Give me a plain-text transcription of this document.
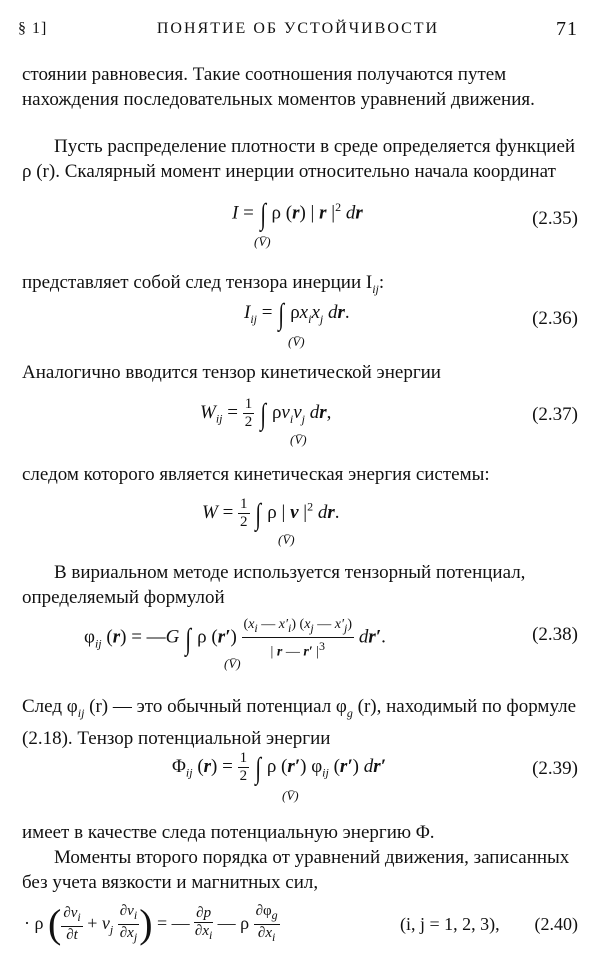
§ 1]	ПОНЯТИЕ ОБ УСТОЙЧИВОСТИ	71

стоянии равновесия. Такие соотношения получаются путем нахождения последовательных моментов уравнений движения.

Пусть распределение плотности в среде определяется функцией ρ (r). Скалярный момент инерции относительно начала координат

I = ∫ ρ (r) | r $|^2$ dr
(V̄)
(2.35)

представляет собой след тензора инерции $I_{ij}$:

$I_{ij}$ = ∫ $\rho x_ix_j$ dr.
(V̄)
(2.36)

Аналогично вводится тензор кинетической энергии

$W_{ij} = \frac{1}{2}$ ∫ $\rho v_iv_j$ dr,
(V̄)
(2.37)

следом которого является кинетическая энергия системы:

$W = \frac{1}{2}$ ∫ ρ | v $|^2$ dr.
(V̄)

В вириальном методе используется тензорный потенциал, определяемый формулой

$\varphi_{ij}$ (r) = —G ∫ ρ $(r') \frac{(x_i — x'_i) (x_j — x'_j)}{| r — r' |^3} dr'$.
(V̄)
(2.38)

След $\varphi_{ij}$ (r) — это обычный потенциал $\varphi_g$ (r), находимый по формуле (2.18). Тензор потенциальной энергии

$\Phi_{ij}$ $(r) = \frac{1}{2}$ ∫ ρ (r′) $\varphi_{ij}$ (r′) dr′
(V̄)
(2.39)

имеет в качестве следа потенциальную энергию Φ.

Моменты второго порядка от уравнений движения, записанных без учета вязкости и магнитных сил,

· ρ ( $\frac{\partial v_i}{\partial t} + v_j \frac{\partial v_i}{\partial x_j}$ ) = — $\frac{\partial p}{\partial x_i}$ — ρ $\frac{\partial\varphi_g}{\partial x_i}$	(i, j = 1, 2, 3), (2.40)
